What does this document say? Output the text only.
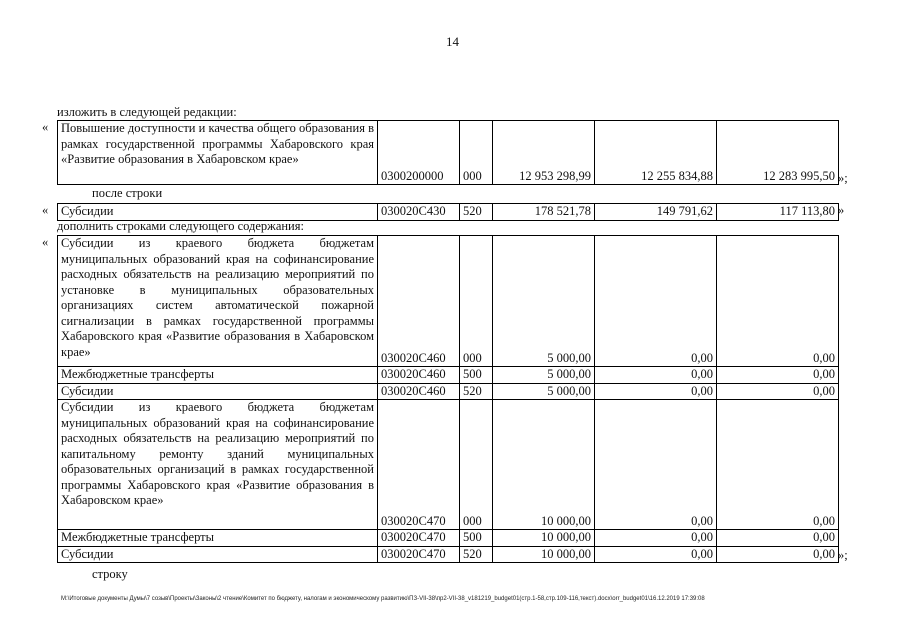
14
изложить в следующей редакции:
« Повышение доступности и качества общего образования в рамках государственной программы Хабаровского края «Развитие образования в Хабаровском крае»	0300200000	000	12 953 298,99	12 255 834,88	12 283 995,50 »;
после строки
« Субсидии	030020С430	520	178 521,78	149 791,62	117 113,80 »
дополнить строками следующего содержания:
« Субсидии из краевого бюджета бюджетам муниципальных образований края на софинансирование расходных обязательств на реализацию мероприятий по установке в муниципальных образовательных организациях систем автоматической пожарной сигнализации в рамках государственной программы Хабаровского края «Развитие образования в Хабаровском крае»	030020С460	000	5 000,00	0,00	0,00
Межбюджетные трансферты	030020С460	500	5 000,00	0,00	0,00
Субсидии	030020С460	520	5 000,00	0,00	0,00
Субсидии из краевого бюджета бюджетам муниципальных образований края на софинансирование расходных обязательств на реализацию мероприятий по капитальному ремонту зданий муниципальных образовательных организаций в рамках государственной программы Хабаровского края «Развитие образования в Хабаровском крае»	030020С470	000	10 000,00	0,00	0,00
Межбюджетные трансферты	030020С470	500	10 000,00	0,00	0,00
Субсидии	030020С470	520	10 000,00	0,00	0,00 »;
строку
М:\Итоговые документы Думы\7 созыв\Проекты\Законы\2 чтение\Комитет по бюджету, налогам и экономическому развитию\ПЗ-VII-38\пр2-VII-38_v181219_budget01(стр.1-58,стр.109-116,текст).docx\orr_budget01\16.12.2019 17:39:08
